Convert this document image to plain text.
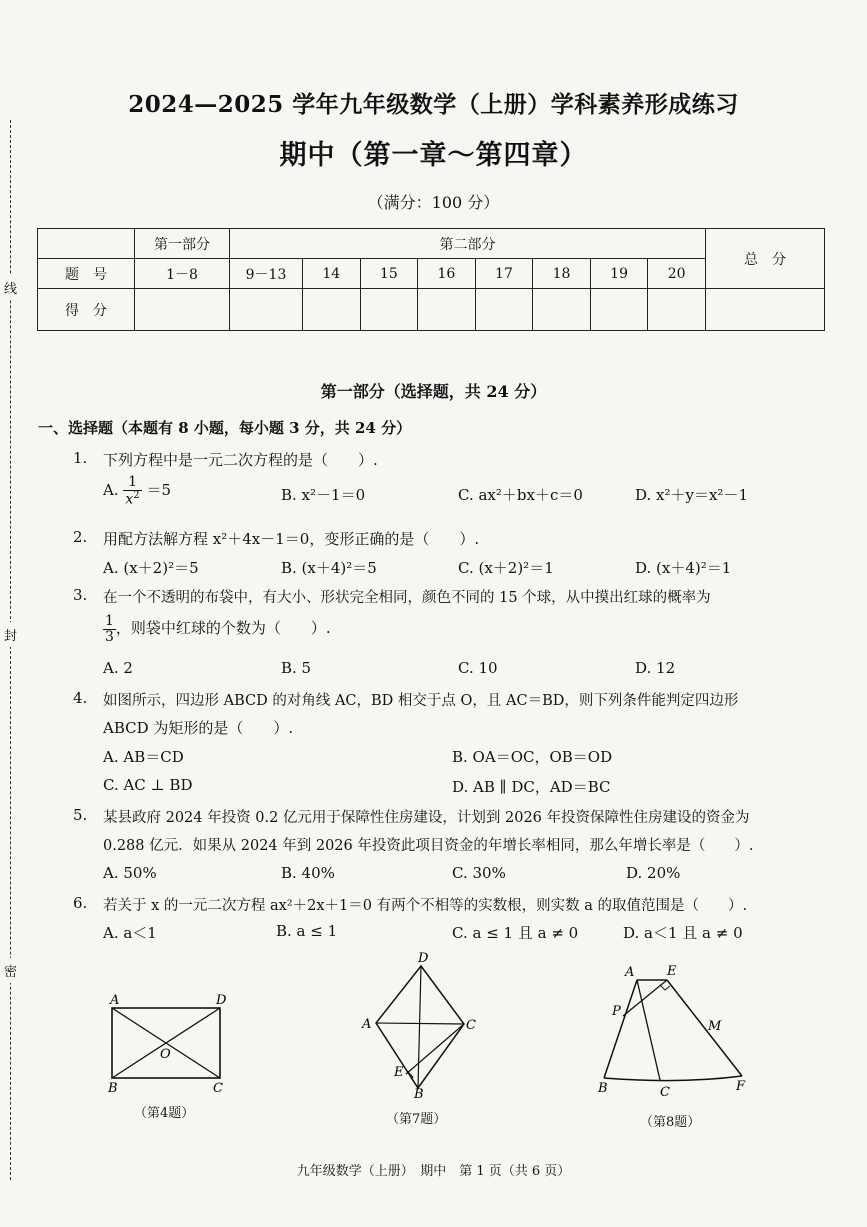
线
封
密
2024—2025 学年九年级数学（上册）学科素养形成练习
期中（第一章～第四章）
（满分：100 分）
	第一部分	第二部分								总　分
题　号	1－8	9－13	14	15	16	17	18	19	20	
得　分										
第一部分（选择题，共 24 分）
一、选择题（本题有 8 小题，每小题 3 分，共 24 分）
1. 下列方程中是一元二次方程的是（　　）.
A. $\frac{1}{x^2} =5$	B. x²－1＝0	C. ax²＋bx＋c＝0	D. x²＋y＝x²－1
2. 用配方法解方程 x²＋4x－1＝0，变形正确的是（　　）.
A. (x＋2)²＝5	B. (x＋4)²＝5	C. (x＋2)²＝1	D. (x＋4)²＝1
3. 在一个不透明的布袋中，有大小、形状完全相同，颜色不同的 15 个球，从中摸出红球的概率为
$\frac{1}{3}$ ，则袋中红球的个数为（　　）.
A. 2	B. 5	C. 10	D. 12
4. 如图所示，四边形 ABCD 的对角线 AC，BD 相交于点 O，且 AC＝BD，则下列条件能判定四边形
ABCD 为矩形的是（　　）.
A. AB＝CD	B. OA＝OC，OB＝OD
C. AC ⊥ BD	D. AB ∥ DC，AD＝BC
5. 某县政府 2024 年投资 0.2 亿元用于保障性住房建设，计划到 2026 年投资保障性住房建设的资金为
0.288 亿元．如果从 2024 年到 2026 年投资此项目资金的年增长率相同，那么年增长率是（　　）.
A. 50%	B. 40%	C. 30%	D. 20%
6. 若关于 x 的一元二次方程 ax²＋2x＋1＝0 有两个不相等的实数根，则实数 a 的取值范围是（　　）.
A. a＜1	B. a ≤ 1	C. a ≤ 1 且 a ≠ 0	D. a＜1 且 a ≠ 0
A	D
O
B	C
（第4题）
D
A	C
E
B
（第7题）
A	E
P
M
B	C	F
（第8题）
九年级数学（上册）　期中　第 1 页（共 6 页）
